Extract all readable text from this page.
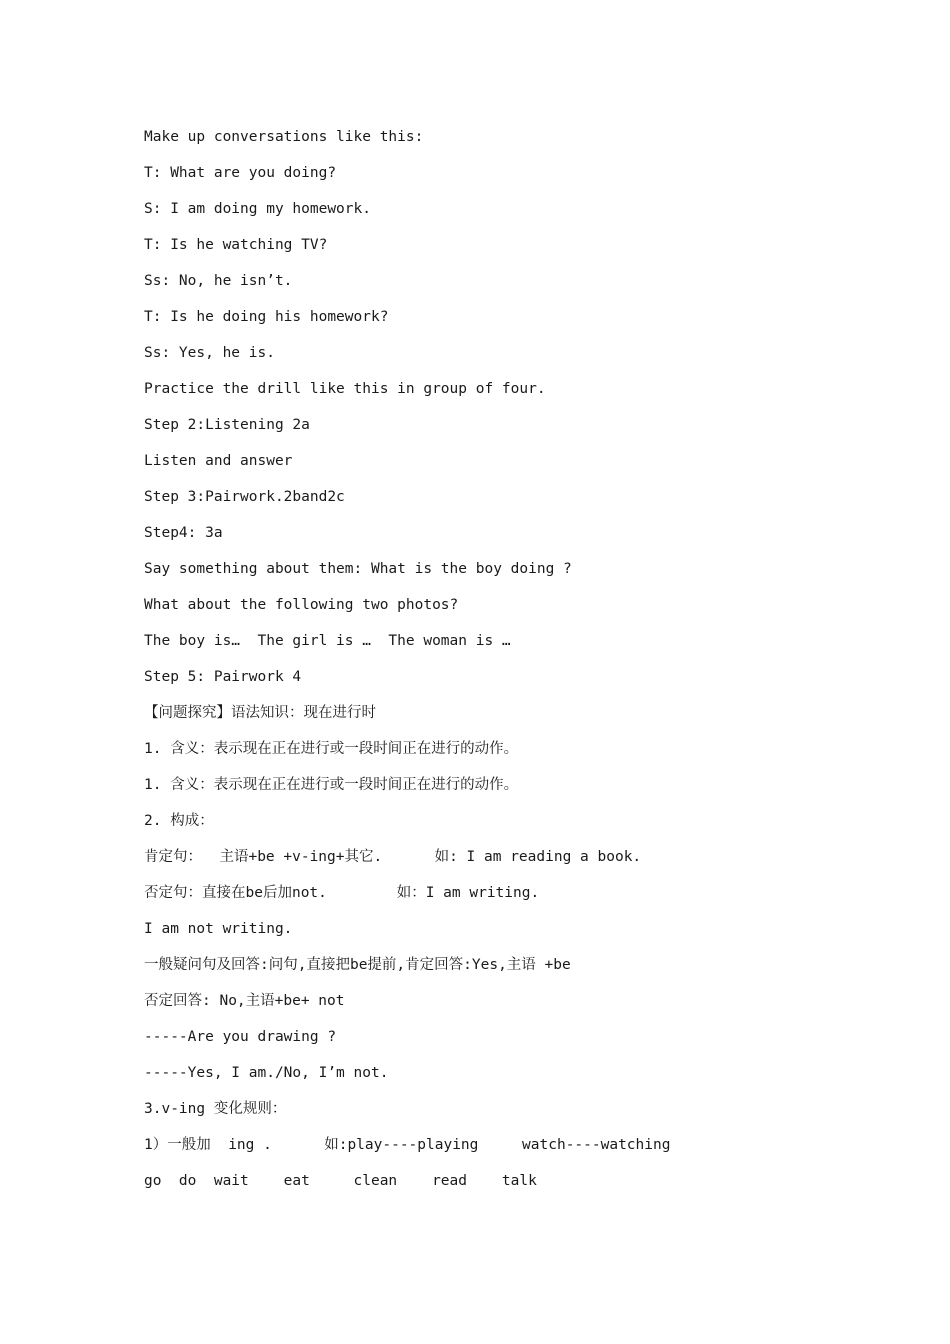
Make up conversations like this:
T: What are you doing?
S: I am doing my homework.
T: Is he watching TV?
Ss: No, he isn’t.
T: Is he doing his homework?
Ss: Yes, he is.
Practice the drill like this in group of four.
Step 2:Listening 2a
Listen and answer
Step 3:Pairwork.2band2c
Step4: 3a
Say something about them: What is the boy doing ?
What about the following two photos?
The boy is…  The girl is …  The woman is …
Step 5: Pairwork 4
【问题探究】语法知识：现在进行时
1. 含义：表示现在正在进行或一段时间正在进行的动作。
1. 含义：表示现在正在进行或一段时间正在进行的动作。
2. 构成：
肯定句：  主语+be +v-ing+其它.      如: I am reading a book.
否定句：直接在be后加not.        如：I am writing.
I am not writing.
一般疑问句及回答:问句,直接把be提前,肯定回答:Yes,主语 +be
否定回答: No,主语+be+ not
-----Are you drawing ?
-----Yes, I am./No, I’m not.
3.v-ing 变化规则：
1）一般加  ing .      如:play----playing     watch----watching
go  do  wait    eat     clean    read    talk
